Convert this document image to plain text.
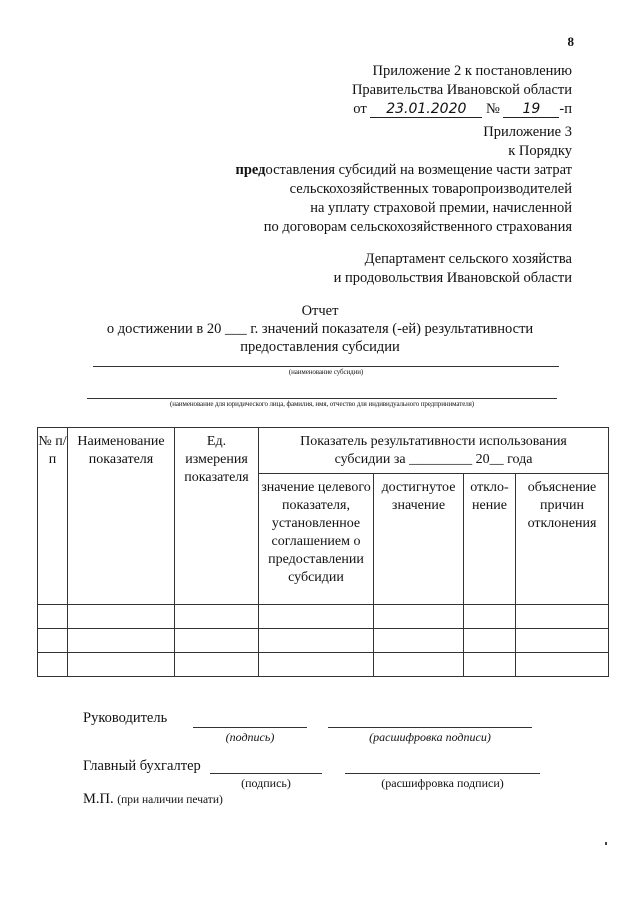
8
Приложение 2 к постановлению
Правительства Ивановской области
от 23.01.2020 № 19 -п
Приложение 3
к Порядку
предоставления субсидий на возмещение части затрат
сельскохозяйственных товаропроизводителей
на уплату страховой премии, начисленной
по договорам сельскохозяйственного страхования
Департамент сельского хозяйства
и продовольствия Ивановской области
Отчет
о достижении в 20 ___ г. значений показателя (-ей) результативности
предоставления субсидии
(наименование субсидии)
(наименование для юридического лица, фамилия, имя, отчество для индивидуального предпринимателя)
№ п/п	Наименование показателя	Ед. измерения показателя	Показатель результативности использования субсидии за _________ 20__ года			

			значение целевого показателя, установленное соглашением о предоставлении субсидии	достигнутое значение	откло-нение	объяснение причин отклонения

Руководитель
(подпись)	(расшифровка подписи)
Главный бухгалтер
(подпись)	(расшифровка подписи)
М.П. (при наличии печати)
